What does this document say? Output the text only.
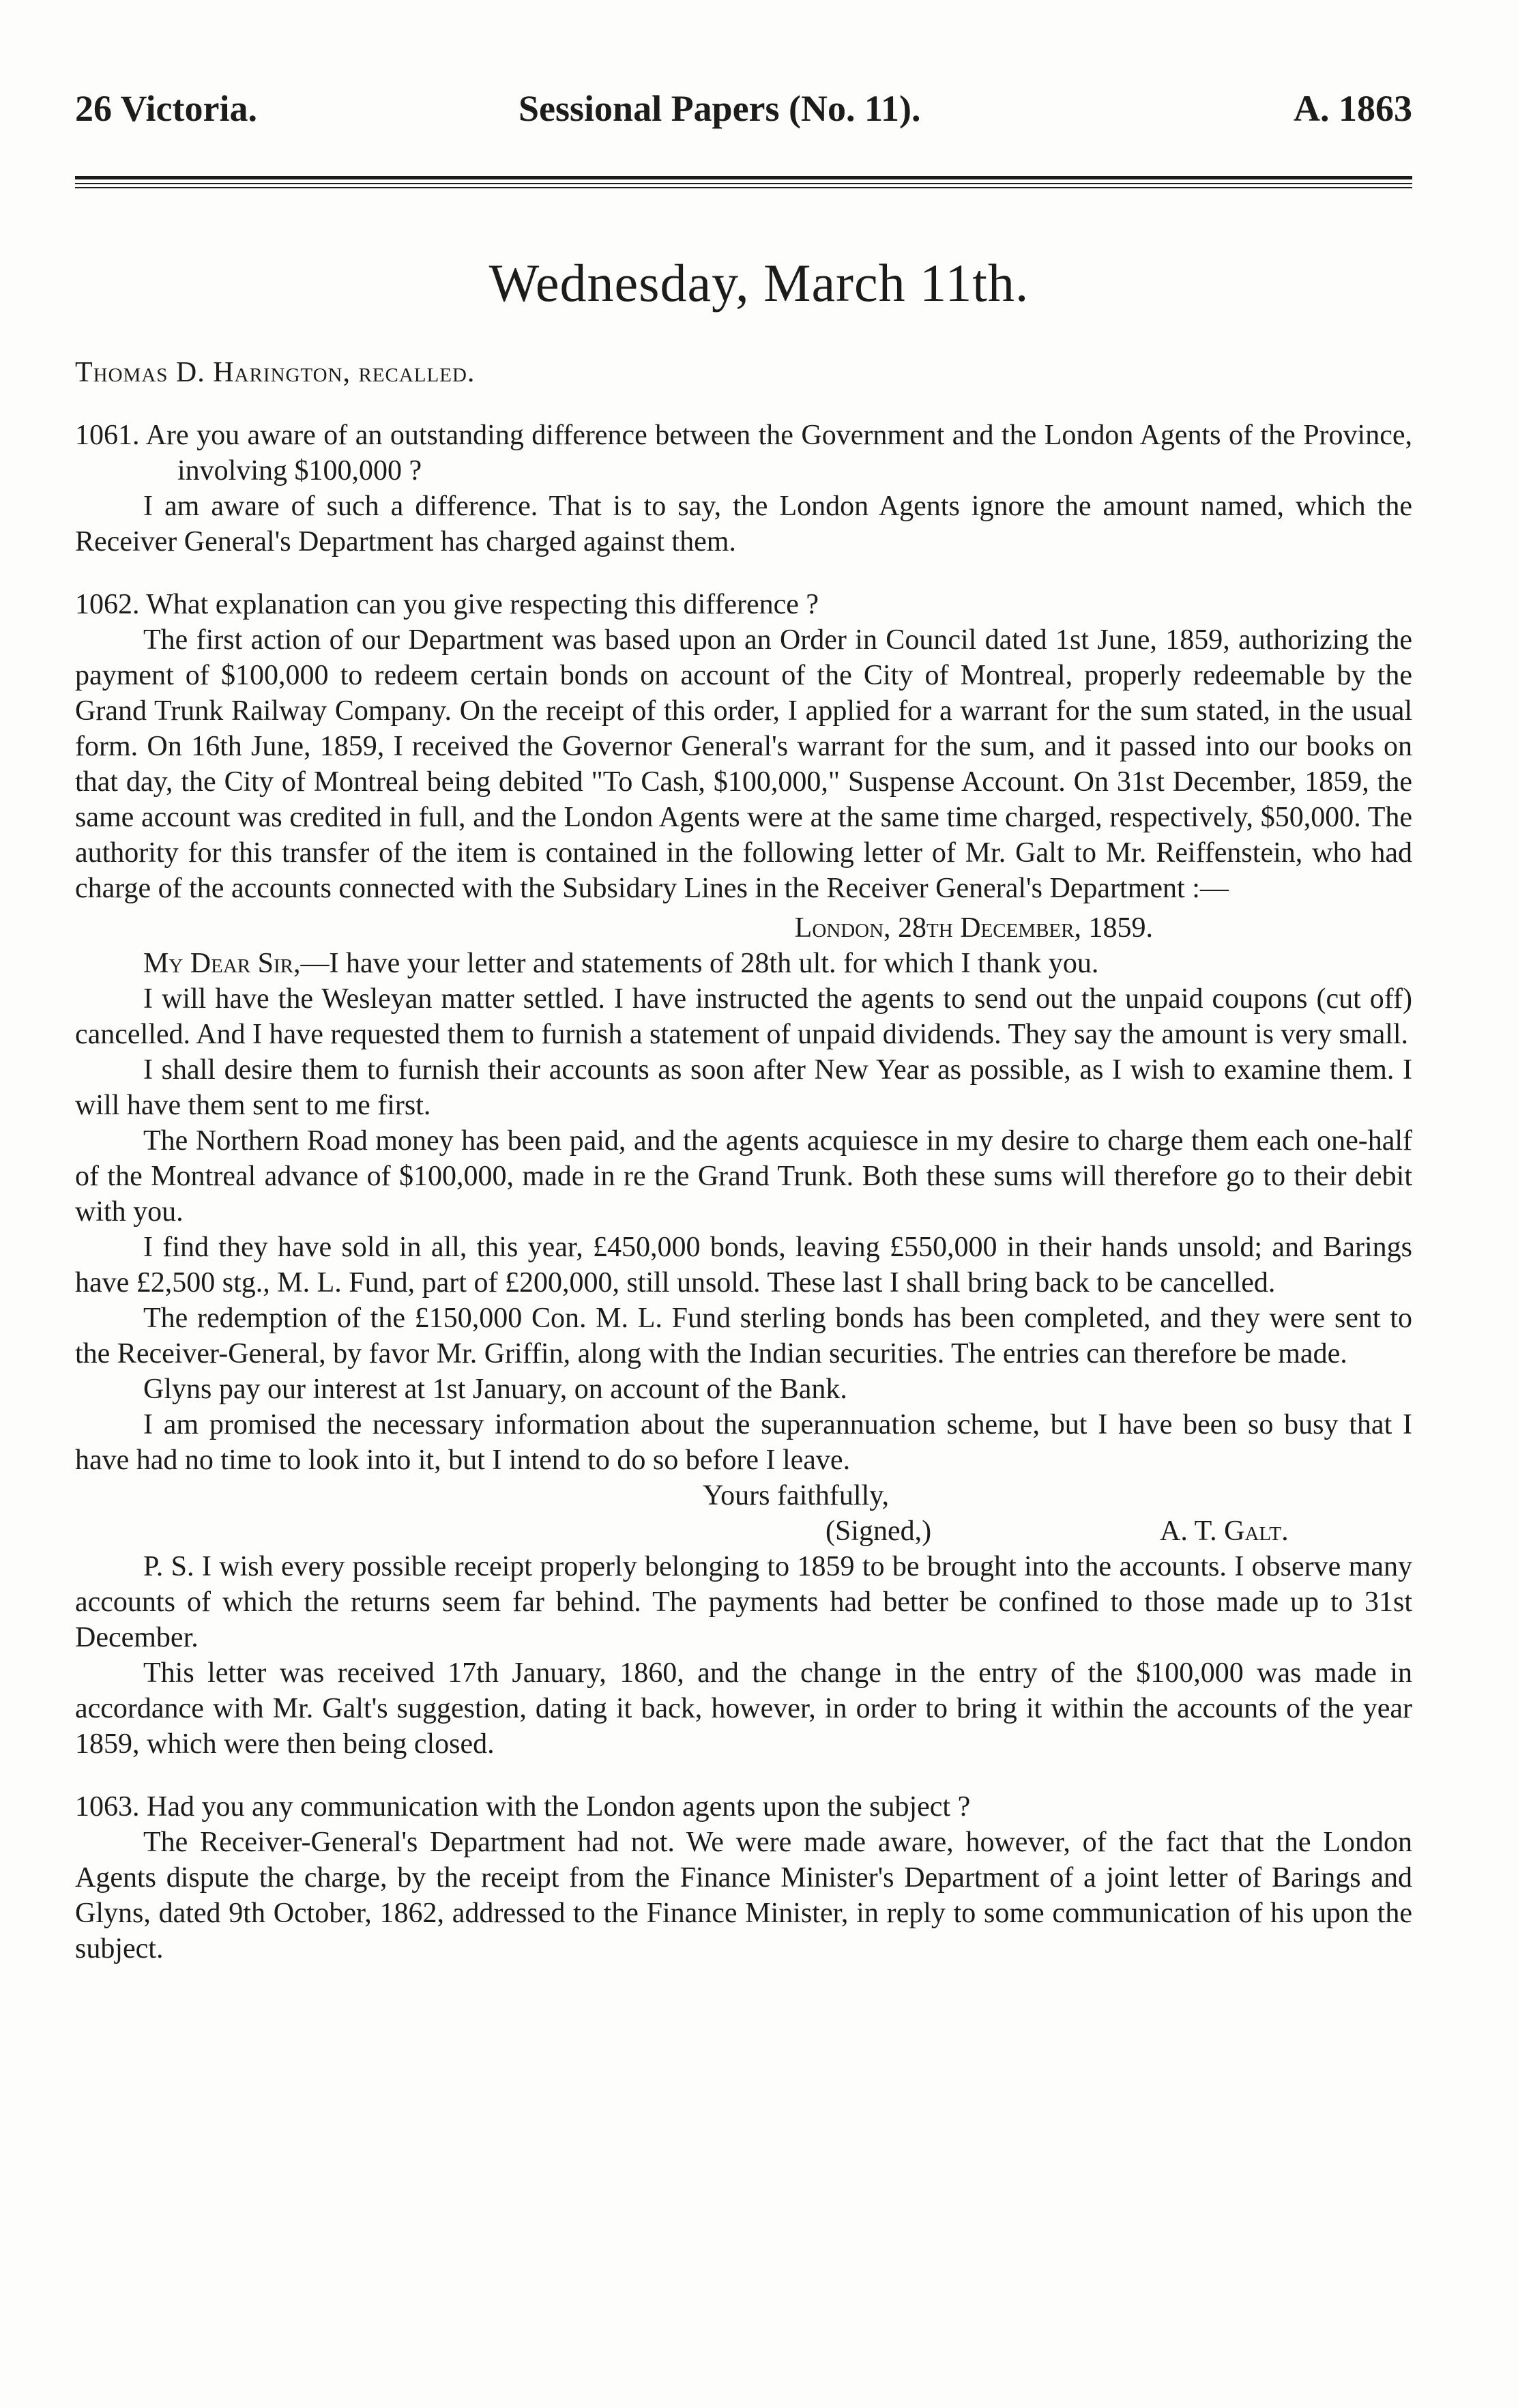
26 Victoria.	Sessional Papers (No. 11).	A. 1863
Wednesday, March 11th.

Thomas D. Harington, recalled.

1061. Are you aware of an outstanding difference between the Government and the London Agents of the Province, involving $100,000 ?

I am aware of such a difference. That is to say, the London Agents ignore the amount named, which the Receiver General's Department has charged against them.

1062. What explanation can you give respecting this difference ?

The first action of our Department was based upon an Order in Council dated 1st June, 1859, authorizing the payment of $100,000 to redeem certain bonds on account of the City of Montreal, properly redeemable by the Grand Trunk Railway Company. On the receipt of this order, I applied for a warrant for the sum stated, in the usual form. On 16th June, 1859, I received the Governor General's warrant for the sum, and it passed into our books on that day, the City of Montreal being debited "To Cash, $100,000," Suspense Account. On 31st December, 1859, the same account was credited in full, and the London Agents were at the same time charged, respectively, $50,000. The authority for this transfer of the item is contained in the following letter of Mr. Galt to Mr. Reiffenstein, who had charge of the accounts connected with the Subsidary Lines in the Receiver General's Department :—

London, 28th December, 1859.

My Dear Sir,—I have your letter and statements of 28th ult. for which I thank you.

I will have the Wesleyan matter settled. I have instructed the agents to send out the unpaid coupons (cut off) cancelled. And I have requested them to furnish a statement of unpaid dividends. They say the amount is very small.

I shall desire them to furnish their accounts as soon after New Year as possible, as I wish to examine them. I will have them sent to me first.

The Northern Road money has been paid, and the agents acquiesce in my desire to charge them each one-half of the Montreal advance of $100,000, made in re the Grand Trunk. Both these sums will therefore go to their debit with you.

I find they have sold in all, this year, £450,000 bonds, leaving £550,000 in their hands unsold; and Barings have £2,500 stg., M. L. Fund, part of £200,000, still unsold. These last I shall bring back to be cancelled.

The redemption of the £150,000 Con. M. L. Fund sterling bonds has been completed, and they were sent to the Receiver-General, by favor Mr. Griffin, along with the Indian securities. The entries can therefore be made.

Glyns pay our interest at 1st January, on account of the Bank.

I am promised the necessary information about the superannuation scheme, but I have been so busy that I have had no time to look into it, but I intend to do so before I leave.

Yours faithfully,

(Signed,)	A. T. Galt.

P. S. I wish every possible receipt properly belonging to 1859 to be brought into the accounts. I observe many accounts of which the returns seem far behind. The payments had better be confined to those made up to 31st December.

This letter was received 17th January, 1860, and the change in the entry of the $100,000 was made in accordance with Mr. Galt's suggestion, dating it back, however, in order to bring it within the accounts of the year 1859, which were then being closed.

1063. Had you any communication with the London agents upon the subject ?

The Receiver-General's Department had not. We were made aware, however, of the fact that the London Agents dispute the charge, by the receipt from the Finance Minister's Department of a joint letter of Barings and Glyns, dated 9th October, 1862, addressed to the Finance Minister, in reply to some communication of his upon the subject.
